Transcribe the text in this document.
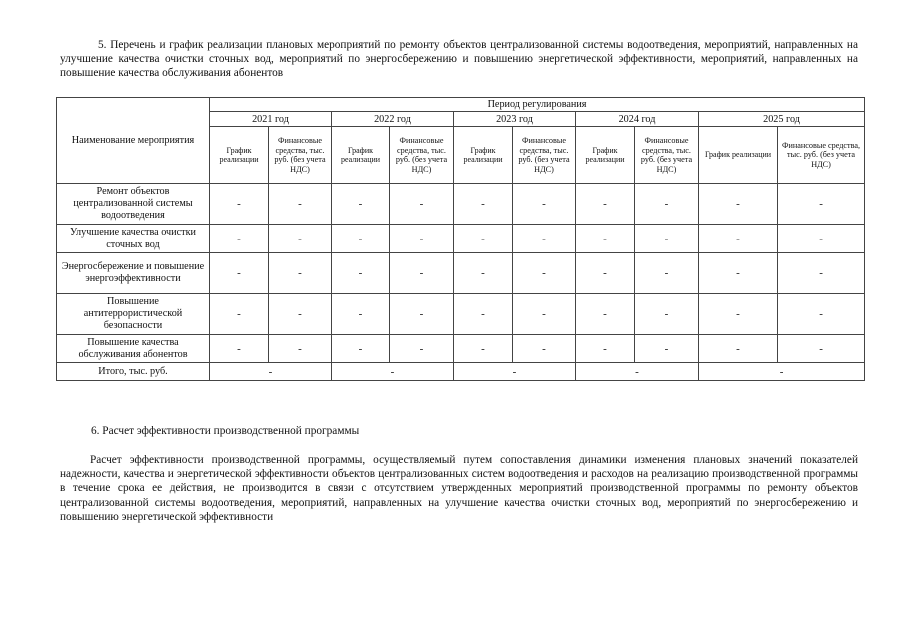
5. Перечень и график реализации плановых мероприятий по ремонту объектов централизованной системы водоотведения, мероприятий, направленных на улучшение качества очистки сточных вод, мероприятий по энергосбережению и повышению энергетической эффективности, мероприятий, направленных на повышение качества обслуживания абонентов

Наименование мероприятия	Период регулирования									
	2021 год		2022 год		2023 год		2024 год		2025 год	
	График реализации	Финансовые средства, тыс. руб. (без учета НДС)	График реализации	Финансовые средства, тыс. руб. (без учета НДС)	График реализации	Финансовые средства, тыс. руб. (без учета НДС)	График реализации	Финансовые средства, тыс. руб. (без учета НДС)	График реализации	Финансовые средства, тыс. руб. (без учета НДС)
Ремонт объектов централизованной системы водоотведения	-	-	-	-	-	-	-	-	-	-
Улучшение качества очистки сточных вод	-	-	-	-	-	-	-	-	-	-
Энергосбережение и повышение энергоэффективности	-	-	-	-	-	-	-	-	-	-
Повышение антитеррористической безопасности	-	-	-	-	-	-	-	-	-	-
Повышение качества обслуживания абонентов	-	-	-	-	-	-	-	-	-	-
Итого, тыс. руб.	-		-		-		-		-	

6. Расчет эффективности производственной программы

Расчет эффективности производственной программы, осуществляемый путем сопоставления динамики изменения плановых значений показателей надежности, качества и энергетической эффективности объектов централизованных систем водоотведения и расходов на реализацию производственной программы в течение срока ее действия, не производится в связи с отсутствием утвержденных мероприятий производственной программы по ремонту объектов централизованной системы водоотведения, мероприятий, направленных на улучшение качества очистки сточных вод, мероприятий по энергосбережению и повышению энергетической эффективности
